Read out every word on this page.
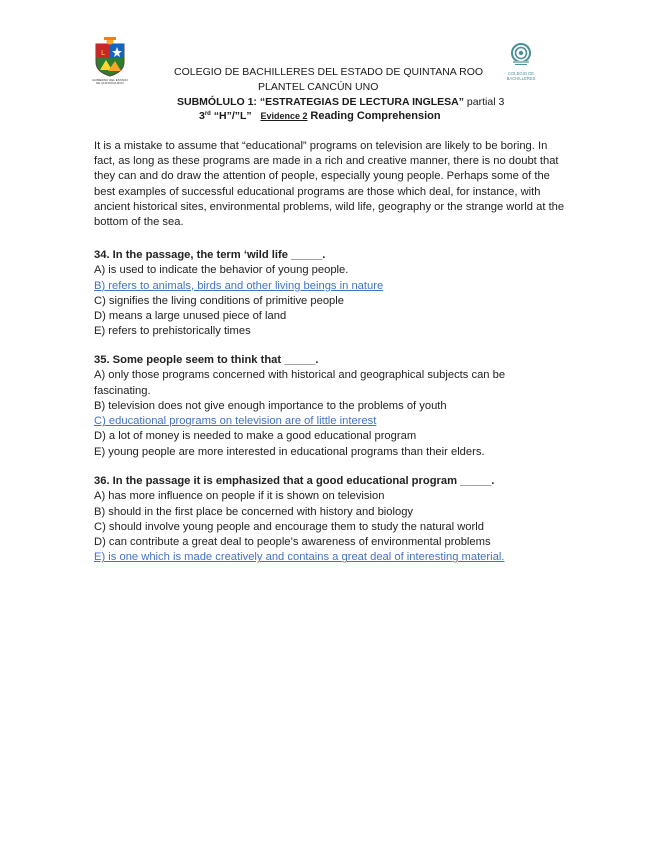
L
GOBIERNO DEL ESTADO DE QUINTANA ROO
COLEGIO DE BACHILLERES
COLEGIO DE BACHILLERES DEL ESTADO DE QUINTANA ROO
PLANTEL CANCÚN UNO
SUBMÓLULO 1: “ESTRATEGIAS DE LECTURA INGLESA” partial 3
3rd “H”/”L” Evidence 2 Reading Comprehension
It is a mistake to assume that “educational” programs on television are likely to be boring. In fact, as long as these programs are made in a rich and creative manner, there is no doubt that they can and do draw the attention of people, especially young people. Perhaps some of the best examples of successful educational programs are those which deal, for instance, with ancient historical sites, environmental problems, wild life, geography or the strange world at the bottom of the sea.
34. In the passage, the term ‘wild life _____.
A) is used to indicate the behavior of young people.
B) refers to animals, birds and other living beings in nature
C) signifies the living conditions of primitive people
D) means a large unused piece of land
E) refers to prehistorically times
35. Some people seem to think that _____.
A) only those programs concerned with historical and geographical subjects can be fascinating.
B) television does not give enough importance to the problems of youth
C) educational programs on television are of little interest
D) a lot of money is needed to make a good educational program
E) young people are more interested in educational programs than their elders.
36. In the passage it is emphasized that a good educational program _____.
A) has more influence on people if it is shown on television
B) should in the first place be concerned with history and biology
C) should involve young people and encourage them to study the natural world
D) can contribute a great deal to people’s awareness of environmental problems
E) is one which is made creatively and contains a great deal of interesting material.
